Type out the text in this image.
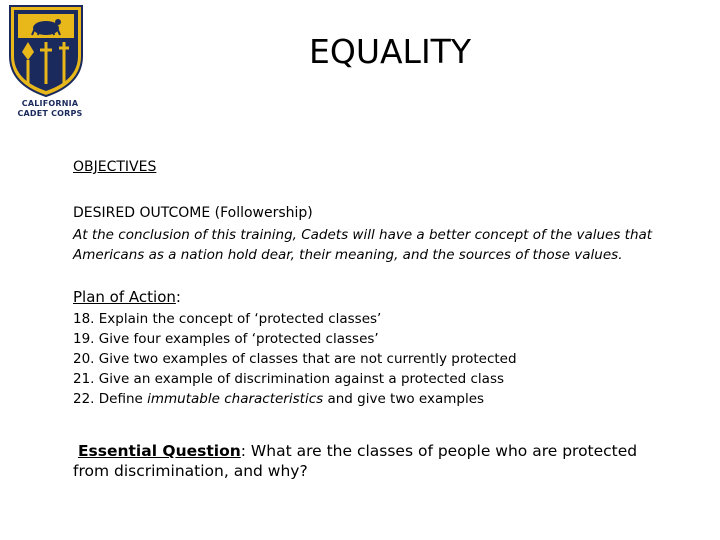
CALIFORNIA
CADET CORPS
EQUALITY
OBJECTIVES
DESIRED OUTCOME (Followership)
At the conclusion of this training, Cadets will have a better concept of the values that Americans as a nation hold dear, their meaning, and the sources of those values.
Plan of Action:
18. Explain the concept of ‘protected classes’
19. Give four examples of ‘protected classes’
20. Give two examples of classes that are not currently protected
21. Give an example of discrimination against a protected class
22. Define immutable characteristics and give two examples
Essential Question: What are the classes of people who are protected from discrimination, and why?
